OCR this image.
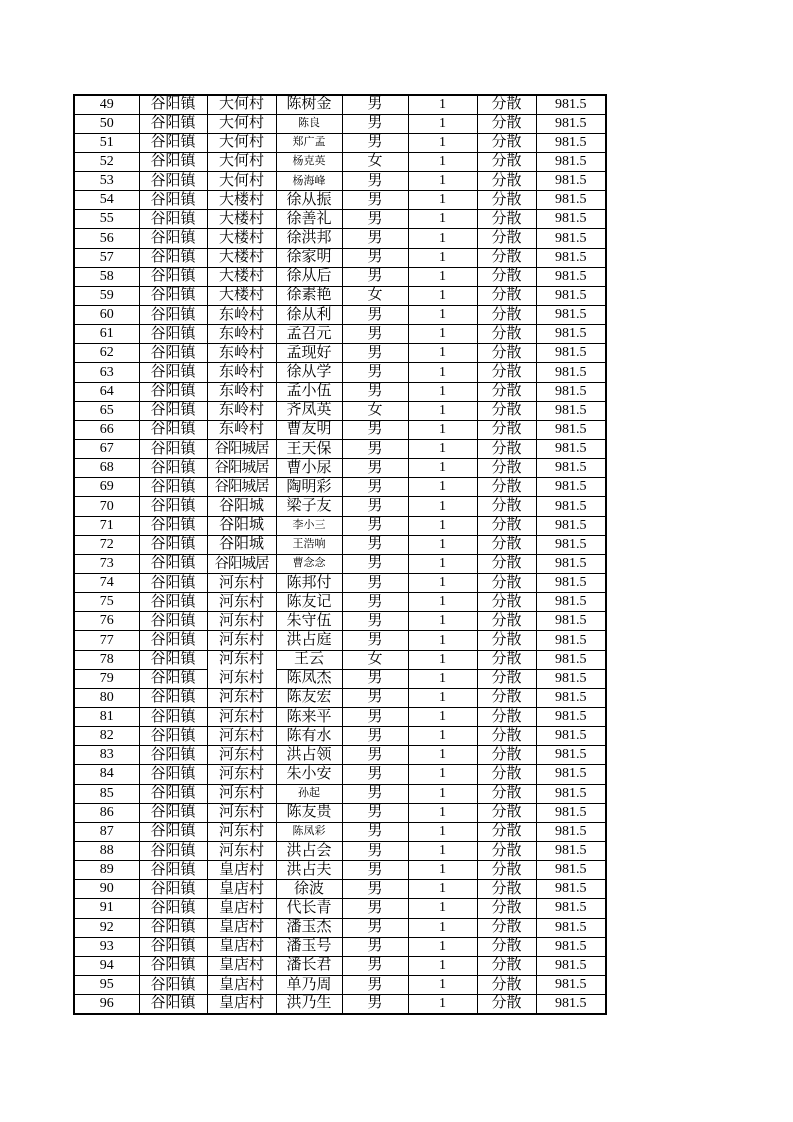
49	谷阳镇	大何村	陈树金	男	1	分散	981.5
50	谷阳镇	大何村	陈良	男	1	分散	981.5
51	谷阳镇	大何村	郑广孟	男	1	分散	981.5
52	谷阳镇	大何村	杨克英	女	1	分散	981.5
53	谷阳镇	大何村	杨海峰	男	1	分散	981.5
54	谷阳镇	大楼村	徐从振	男	1	分散	981.5
55	谷阳镇	大楼村	徐善礼	男	1	分散	981.5
56	谷阳镇	大楼村	徐洪邦	男	1	分散	981.5
57	谷阳镇	大楼村	徐家明	男	1	分散	981.5
58	谷阳镇	大楼村	徐从后	男	1	分散	981.5
59	谷阳镇	大楼村	徐素艳	女	1	分散	981.5
60	谷阳镇	东岭村	徐从利	男	1	分散	981.5
61	谷阳镇	东岭村	孟召元	男	1	分散	981.5
62	谷阳镇	东岭村	孟现好	男	1	分散	981.5
63	谷阳镇	东岭村	徐从学	男	1	分散	981.5
64	谷阳镇	东岭村	孟小伍	男	1	分散	981.5
65	谷阳镇	东岭村	齐凤英	女	1	分散	981.5
66	谷阳镇	东岭村	曹友明	男	1	分散	981.5
67	谷阳镇	谷阳城居	王天保	男	1	分散	981.5
68	谷阳镇	谷阳城居	曹小尿	男	1	分散	981.5
69	谷阳镇	谷阳城居	陶明彩	男	1	分散	981.5
70	谷阳镇	谷阳城	梁子友	男	1	分散	981.5
71	谷阳镇	谷阳城	李小三	男	1	分散	981.5
72	谷阳镇	谷阳城	王浩响	男	1	分散	981.5
73	谷阳镇	谷阳城居	曹念念	男	1	分散	981.5
74	谷阳镇	河东村	陈邦付	男	1	分散	981.5
75	谷阳镇	河东村	陈友记	男	1	分散	981.5
76	谷阳镇	河东村	朱守伍	男	1	分散	981.5
77	谷阳镇	河东村	洪占庭	男	1	分散	981.5
78	谷阳镇	河东村	王云	女	1	分散	981.5
79	谷阳镇	河东村	陈凤杰	男	1	分散	981.5
80	谷阳镇	河东村	陈友宏	男	1	分散	981.5
81	谷阳镇	河东村	陈来平	男	1	分散	981.5
82	谷阳镇	河东村	陈有水	男	1	分散	981.5
83	谷阳镇	河东村	洪占领	男	1	分散	981.5
84	谷阳镇	河东村	朱小安	男	1	分散	981.5
85	谷阳镇	河东村	孙起	男	1	分散	981.5
86	谷阳镇	河东村	陈友贵	男	1	分散	981.5
87	谷阳镇	河东村	陈凤彩	男	1	分散	981.5
88	谷阳镇	河东村	洪占会	男	1	分散	981.5
89	谷阳镇	皇店村	洪占夫	男	1	分散	981.5
90	谷阳镇	皇店村	徐波	男	1	分散	981.5
91	谷阳镇	皇店村	代长青	男	1	分散	981.5
92	谷阳镇	皇店村	潘玉杰	男	1	分散	981.5
93	谷阳镇	皇店村	潘玉号	男	1	分散	981.5
94	谷阳镇	皇店村	潘长君	男	1	分散	981.5
95	谷阳镇	皇店村	单乃周	男	1	分散	981.5
96	谷阳镇	皇店村	洪乃生	男	1	分散	981.5
